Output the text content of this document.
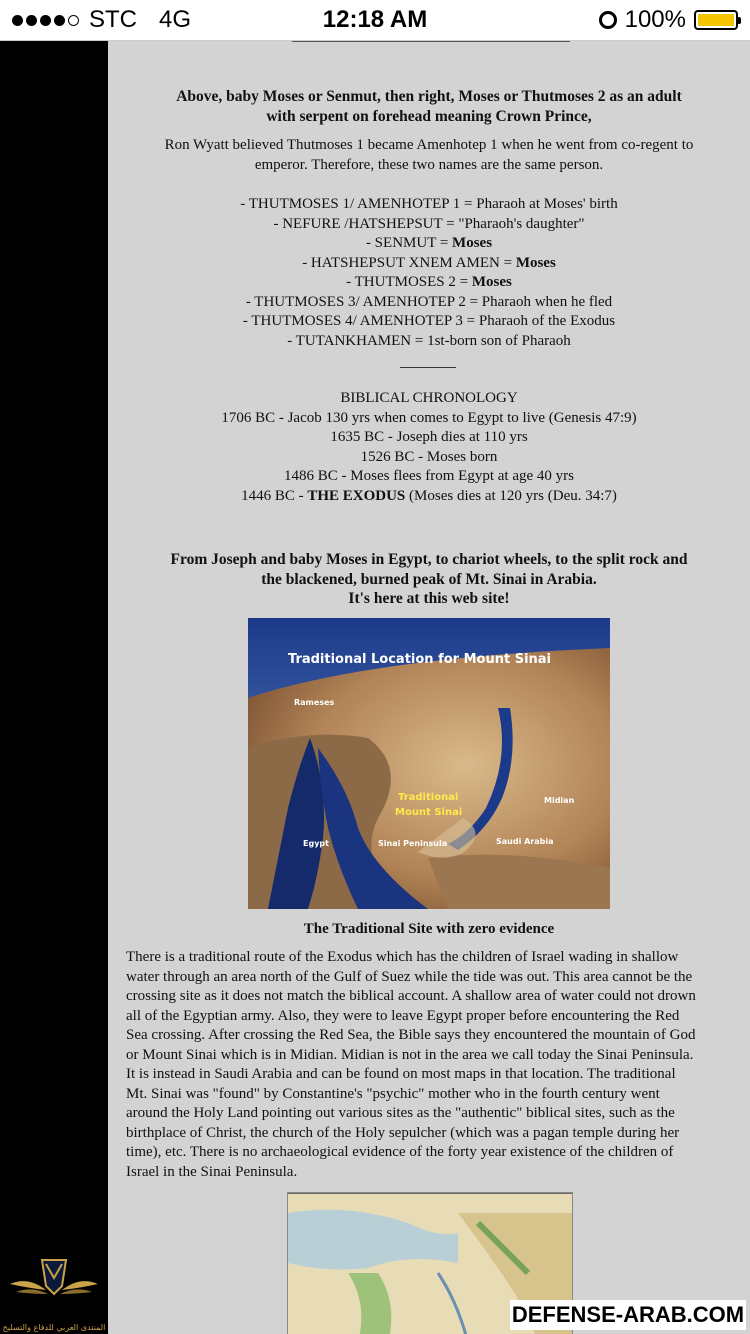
STC 4G	12:18 AM	100%
المنتدى العربي للدفاع والتسليح
Above, baby Moses or Senmut, then right, Moses or Thutmoses 2 as an adult
with serpent on forehead meaning Crown Prince,
Ron Wyatt believed Thutmoses 1 became Amenhotep 1 when he went from co-regent to
emperor. Therefore, these two names are the same person.
- THUTMOSES 1/ AMENHOTEP 1 = Pharaoh at Moses' birth
- NEFURE /HATSHEPSUT = "Pharaoh's daughter"
- SENMUT = Moses
- HATSHEPSUT XNEM AMEN = Moses
- THUTMOSES 2 = Moses
- THUTMOSES 3/ AMENHOTEP 2 = Pharaoh when he fled
- THUTMOSES 4/ AMENHOTEP 3 = Pharaoh of the Exodus
- TUTANKHAMEN = 1st-born son of Pharaoh
BIBLICAL CHRONOLOGY
1706 BC - Jacob 130 yrs when comes to Egypt to live (Genesis 47:9)
1635 BC - Joseph dies at 110 yrs
1526 BC - Moses born
1486 BC - Moses flees from Egypt at age 40 yrs
1446 BC - THE EXODUS (Moses dies at 120 yrs (Deu. 34:7)
From Joseph and baby Moses in Egypt, to chariot wheels, to the split rock and
the blackened, burned peak of Mt. Sinai in Arabia.
It's here at this web site!
Traditional Location for Mount Sinai
Rameses
Traditional
Mount Sinai
Midian
Egypt	Sinai Peninsula	Saudi Arabia
The Traditional Site with zero evidence
There is a traditional route of the Exodus which has the children of Israel wading in shallow
water through an area north of the Gulf of Suez while the tide was out. This area cannot be the
crossing site as it does not match the biblical account. A shallow area of water could not drown
all of the Egyptian army. Also, they were to leave Egypt proper before encountering the Red
Sea crossing. After crossing the Red Sea, the Bible says they encountered the mountain of God
or Mount Sinai which is in Midian. Midian is not in the area we call today the Sinai Peninsula.
It is instead in Saudi Arabia and can be found on most maps in that location. The traditional
Mt. Sinai was "found" by Constantine's "psychic" mother who in the fourth century went
around the Holy Land pointing out various sites as the "authentic" biblical sites, such as the
birthplace of Christ, the church of the Holy sepulcher (which was a pagan temple during her
time), etc. There is no archaeological evidence of the forty year existence of the children of
Israel in the Sinai Peninsula.
DEFENSE-ARAB.COM
